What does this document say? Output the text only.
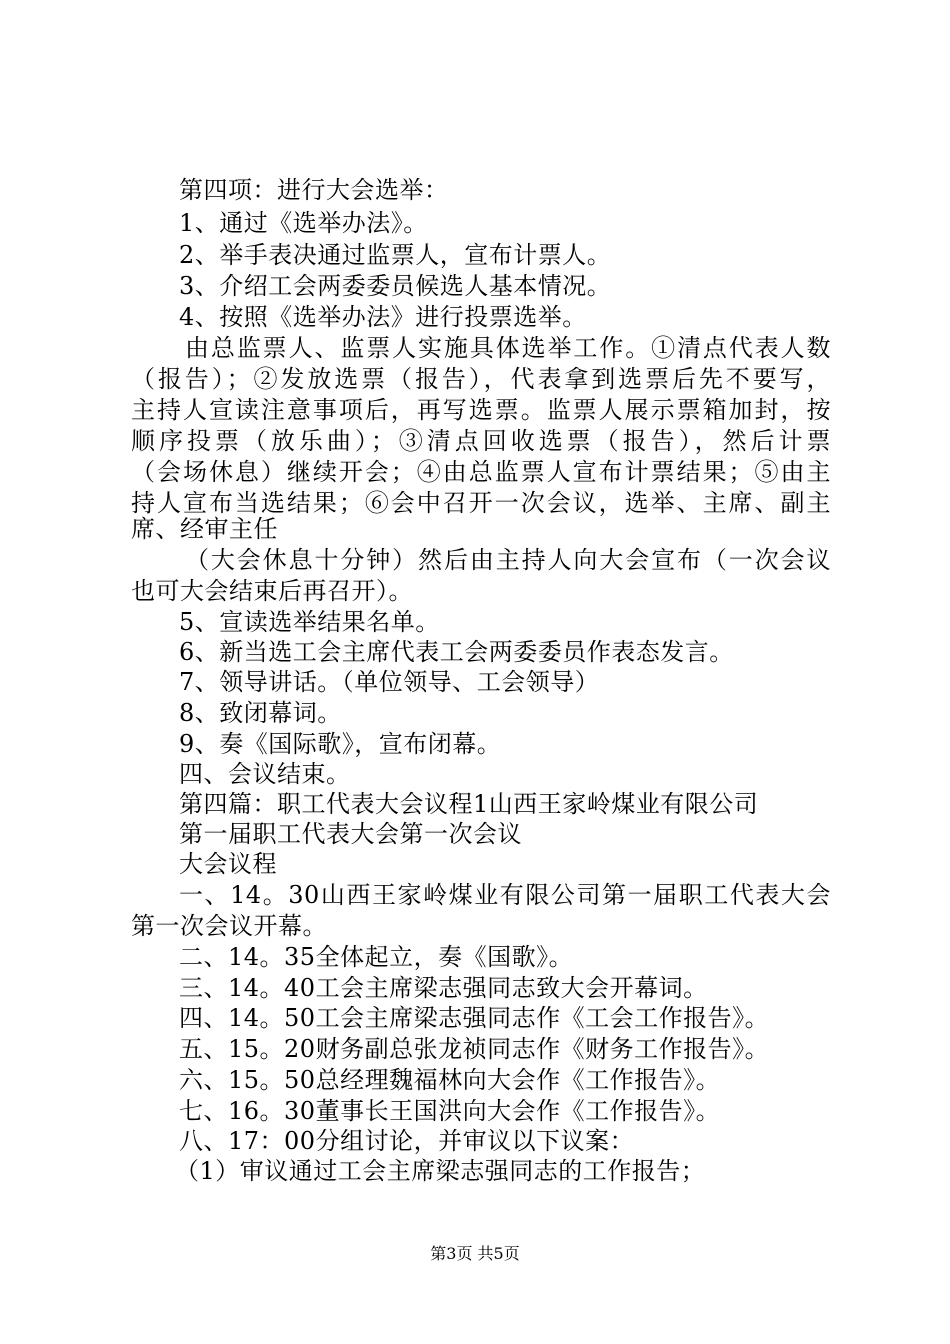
第四项：进行大会选举：
1、通过《选举办法》。
2、举手表决通过监票人，宣布计票人。
3、介绍工会两委委员候选人基本情况。
4、按照《选举办法》进行投票选举。
由总监票人、监票人实施具体选举工作。①清点代表人数
（报告）；②发放选票（报告），代表拿到选票后先不要写，
主持人宣读注意事项后，再写选票。监票人展示票箱加封，按
顺序投票（放乐曲）；③清点回收选票（报告），然后计票
（会场休息）继续开会；④由总监票人宣布计票结果；⑤由主
持人宣布当选结果；⑥会中召开一次会议，选举、主席、副主
席、经审主任
（大会休息十分钟）然后由主持人向大会宣布（一次会议
也可大会结束后再召开）。
5、宣读选举结果名单。
6、新当选工会主席代表工会两委委员作表态发言。
7、领导讲话。（单位领导、工会领导）
8、致闭幕词。
9、奏《国际歌》，宣布闭幕。
四、会议结束。
第四篇：职工代表大会议程1山西王家岭煤业有限公司
第一届职工代表大会第一次会议
大会议程
一、14。30山西王家岭煤业有限公司第一届职工代表大会
第一次会议开幕。
二、14。35全体起立，奏《国歌》。
三、14。40工会主席梁志强同志致大会开幕词。
四、14。50工会主席梁志强同志作《工会工作报告》。
五、15。20财务副总张龙祯同志作《财务工作报告》。
六、15。50总经理魏福林向大会作《工作报告》。
七、16。30董事长王国洪向大会作《工作报告》。
八、17：00分组讨论，并审议以下议案：
（1）审议通过工会主席梁志强同志的工作报告；
第3页 共5页
